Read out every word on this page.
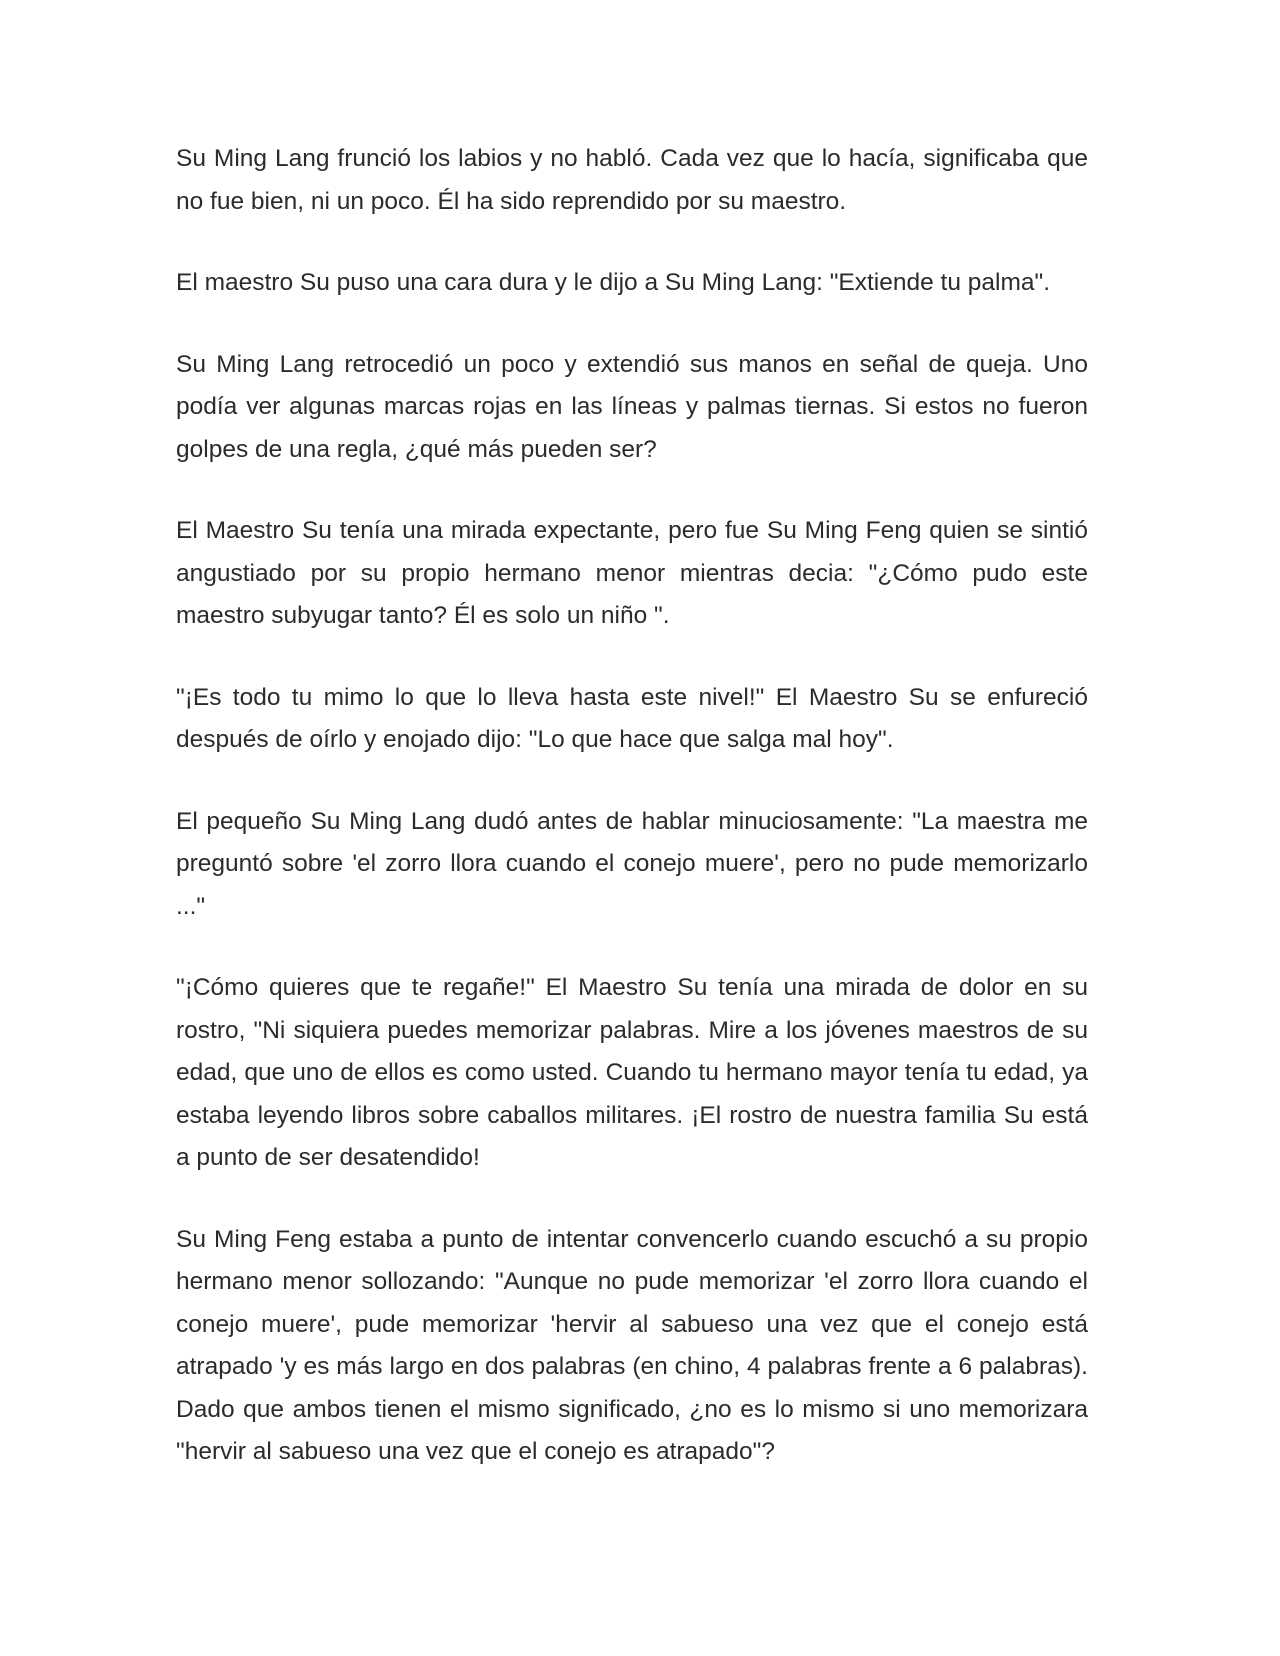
Su Ming Lang frunció los labios y no habló. Cada vez que lo hacía, significaba que no fue bien, ni un poco. Él ha sido reprendido por su maestro.

El maestro Su puso una cara dura y le dijo a Su Ming Lang: "Extiende tu palma".

Su Ming Lang retrocedió un poco y extendió sus manos en señal de queja. Uno podía ver algunas marcas rojas en las líneas y palmas tiernas. Si estos no fueron golpes de una regla, ¿qué más pueden ser?

El Maestro Su tenía una mirada expectante, pero fue Su Ming Feng quien se sintió angustiado por su propio hermano menor mientras decia: "¿Cómo pudo este maestro subyugar tanto? Él es solo un niño ".

"¡Es todo tu mimo lo que lo lleva hasta este nivel!" El Maestro Su se enfureció después de oírlo y enojado dijo: "Lo que hace que salga mal hoy".

El pequeño Su Ming Lang dudó antes de hablar minuciosamente: "La maestra me preguntó sobre 'el zorro llora cuando el conejo muere', pero no pude memorizarlo ..."

"¡Cómo quieres que te regañe!" El Maestro Su tenía una mirada de dolor en su rostro, "Ni siquiera puedes memorizar palabras. Mire a los jóvenes maestros de su edad, que uno de ellos es como usted. Cuando tu hermano mayor tenía tu edad, ya estaba leyendo libros sobre caballos militares. ¡El rostro de nuestra familia Su está a punto de ser desatendido!

Su Ming Feng estaba a punto de intentar convencerlo cuando escuchó a su propio hermano menor sollozando: "Aunque no pude memorizar 'el zorro llora cuando el conejo muere', pude memorizar 'hervir al sabueso una vez que el conejo está atrapado 'y es más largo en dos palabras (en chino, 4 palabras frente a 6 palabras). Dado que ambos tienen el mismo significado, ¿no es lo mismo si uno memorizara "hervir al sabueso una vez que el conejo es atrapado"?
